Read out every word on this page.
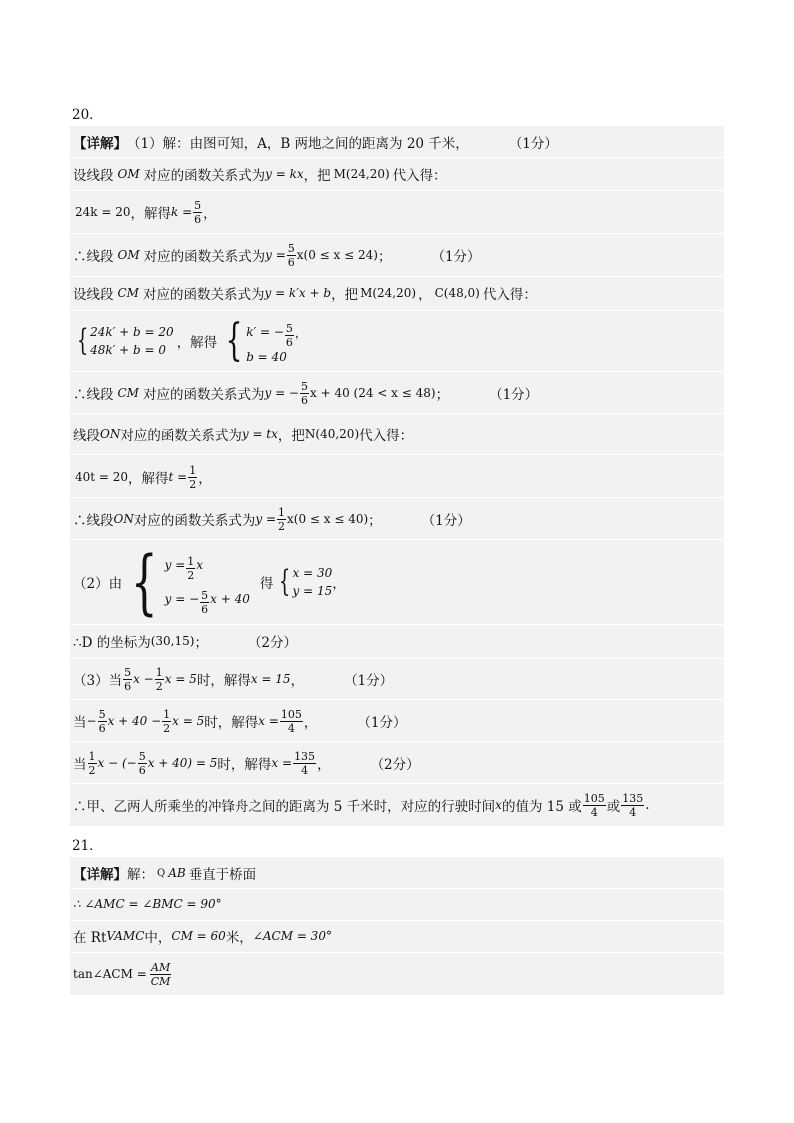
20．
【详解】 （1）解：由图可知，A，B 两地之间的距离为 20 千米，	（1分）
设线段 OM 对应的函数关系式为 y = kx ，把 M(24,20) 代入得：
24k = 20 ，解得 $k = \frac{5}{6}$ ，
∴线段 OM 对应的函数关系式为 $y = \frac{5}{6} x(0 \le x \le 24)$ ；	（1分）
设线段 CM 对应的函数关系式为 y = k′x + b ，把 M(24,20) ， C(48,0) 代入得：
{ 24k′ + b = 20
48k′ + b = 0 ，解得 { k′ = − $\frac{5}{6}$ ，
b = 40
∴线段 CM 对应的函数关系式为 y = − $\frac{5}{6}$ x + 40 (24 < x ≤ 48) ；	（1分）
线段 ON 对应的函数关系式为 y = tx ，把 N(40,20) 代入得：
40t = 20 ，解得 $t = \frac{1}{2}$ ，
∴线段 ON 对应的函数关系式为 $y = \frac{1}{2} x(0 \le x \le 40)$ ；	（1分）
（2）由 { $y = \frac{1}{2}$ x
y = − $\frac{5}{6}$ x + 40
得 { x = 30
y = 15 ，
∴D 的坐标为 (30,15) ；	（2分）
（3）当 $\frac{5}{6}$ $x - \frac{1}{2}$ x = 5 时，解得 x = 15 ，	（1分）
当 − $\frac{5}{6}$ $x + 40 - \frac{1}{2}$ x = 5 时，解得 $x = \frac{105}{4}$ ，	（1分）
当 $\frac{1}{2}$ x − (− $\frac{5}{6}$ x + 40) = 5 时，解得 $x = \frac{135}{4}$ ，	（2分）
∴甲、乙两人所乘坐的冲锋舟之间的距离为 5 千米时，对应的行驶时间 x 的值为 15 或 $\frac{105}{4}$ 或 $\frac{135}{4}$ .
21．
【详解】 解： Q AB 垂直于桥面
∴ ∠AMC = ∠BMC = 90°
在 Rt VAMC 中， CM = 60 米， ∠ACM = 30°
tan∠ACM = $\frac{AM}{CM}$
